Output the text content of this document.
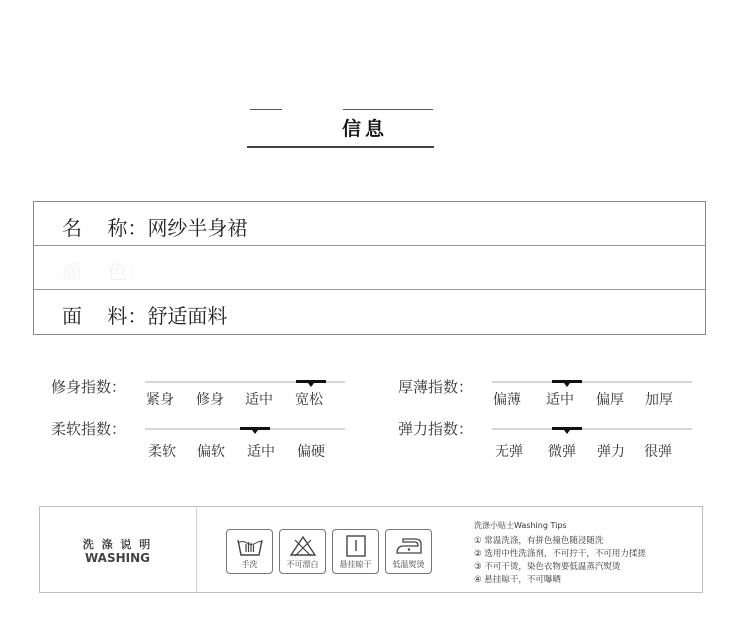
信息
名    称：网纱半身裙
颜    色：
面    料：舒适面料
修身指数：
紧身 修身 适中 宽松
厚薄指数：
偏薄 适中 偏厚 加厚
柔软指数：
柔软 偏软 适中 偏硬
弹力指数：
无弹 微弹 弹力 很弹
洗 涤 说 明
WASHING	手洗	不可漂白	悬挂晾干	低温熨烫
洗涤小贴士Washing Tips
① 常温洗涤，有拼色撞色随浸随洗
② 选用中性洗涤剂，不可拧干，不可用力揉搓
③ 不可干烫，染色衣物要低温蒸汽熨烫
④ 悬挂晾干，不可曝晒
